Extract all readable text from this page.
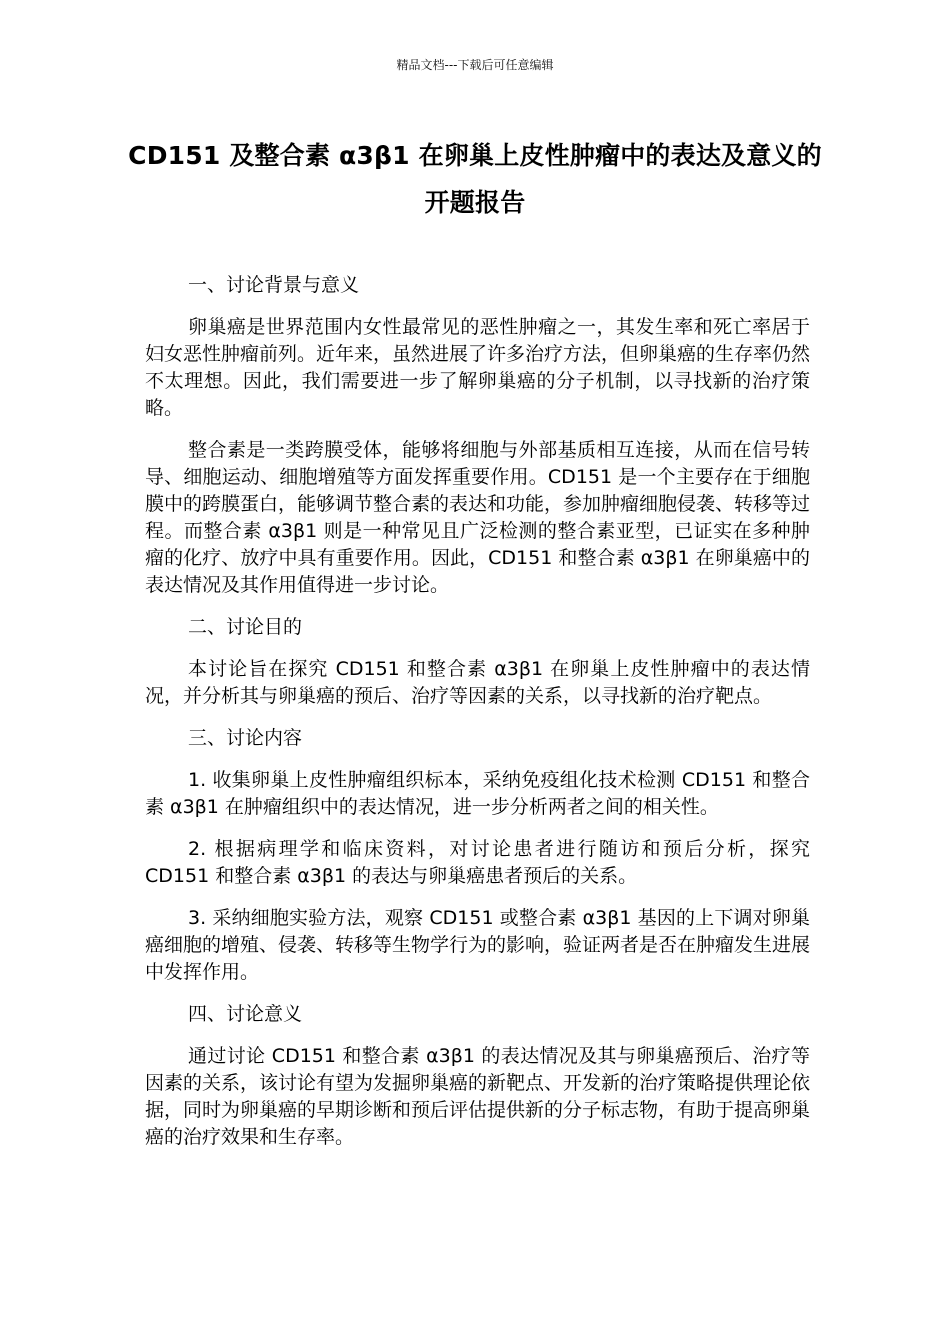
精品文档---下载后可任意编辑
CD151 及整合素 α3β1 在卵巢上皮性肿瘤中的表达及意义的开题报告
一、讨论背景与意义
卵巢癌是世界范围内女性最常见的恶性肿瘤之一，其发生率和死亡率居于妇女恶性肿瘤前列。近年来，虽然进展了许多治疗方法，但卵巢癌的生存率仍然不太理想。因此，我们需要进一步了解卵巢癌的分子机制，以寻找新的治疗策略。
整合素是一类跨膜受体，能够将细胞与外部基质相互连接，从而在信号转导、细胞运动、细胞增殖等方面发挥重要作用。CD151 是一个主要存在于细胞膜中的跨膜蛋白，能够调节整合素的表达和功能，参加肿瘤细胞侵袭、转移等过程。而整合素 α3β1 则是一种常见且广泛检测的整合素亚型，已证实在多种肿瘤的化疗、放疗中具有重要作用。因此，CD151 和整合素 α3β1 在卵巢癌中的表达情况及其作用值得进一步讨论。
二、讨论目的
本讨论旨在探究 CD151 和整合素 α3β1 在卵巢上皮性肿瘤中的表达情况，并分析其与卵巢癌的预后、治疗等因素的关系，以寻找新的治疗靶点。
三、讨论内容
1. 收集卵巢上皮性肿瘤组织标本，采纳免疫组化技术检测 CD151 和整合素 α3β1 在肿瘤组织中的表达情况，进一步分析两者之间的相关性。
2. 根据病理学和临床资料，对讨论患者进行随访和预后分析，探究 CD151 和整合素 α3β1 的表达与卵巢癌患者预后的关系。
3. 采纳细胞实验方法，观察 CD151 或整合素 α3β1 基因的上下调对卵巢癌细胞的增殖、侵袭、转移等生物学行为的影响，验证两者是否在肿瘤发生进展中发挥作用。
四、讨论意义
通过讨论 CD151 和整合素 α3β1 的表达情况及其与卵巢癌预后、治疗等因素的关系，该讨论有望为发掘卵巢癌的新靶点、开发新的治疗策略提供理论依据，同时为卵巢癌的早期诊断和预后评估提供新的分子标志物，有助于提高卵巢癌的治疗效果和生存率。
